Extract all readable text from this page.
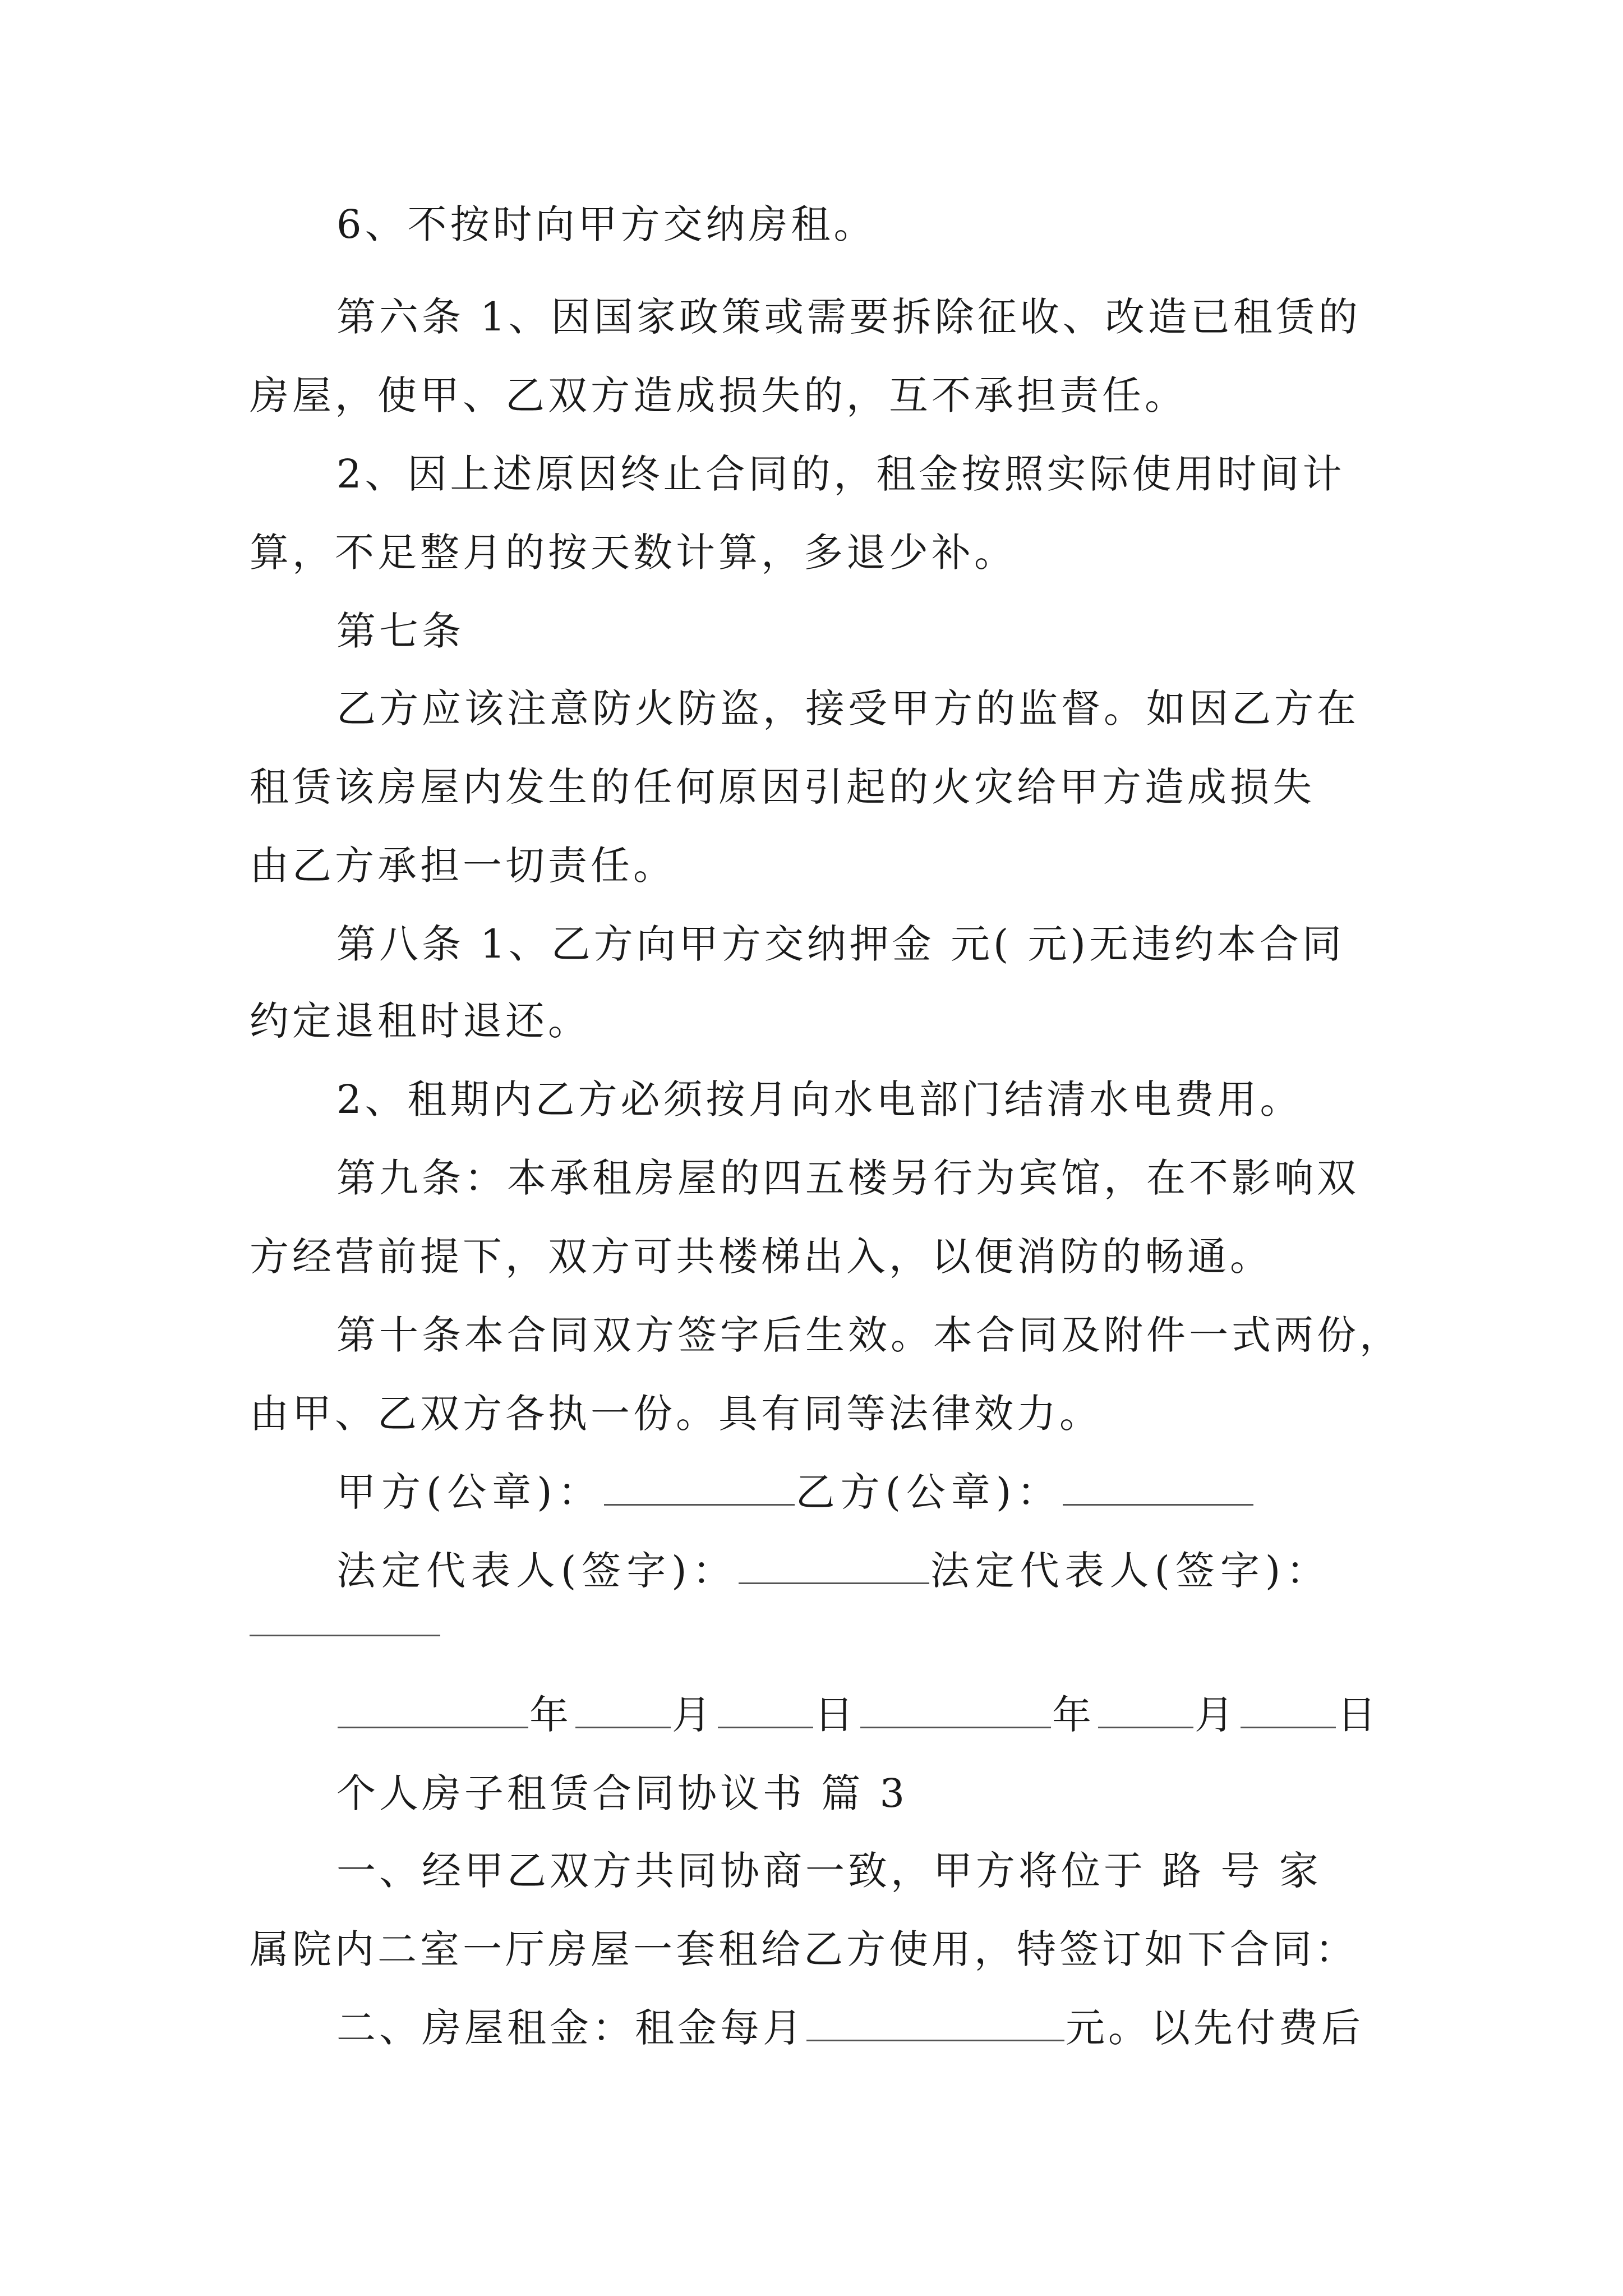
6、不按时向甲方交纳房租。
第六条 1、因国家政策或需要拆除征收、改造已租赁的
房屋，使甲、乙双方造成损失的，互不承担责任。
2、因上述原因终止合同的，租金按照实际使用时间计
算，不足整月的按天数计算，多退少补。
第七条
乙方应该注意防火防盗，接受甲方的监督。如因乙方在
租赁该房屋内发生的任何原因引起的火灾给甲方造成损失
由乙方承担一切责任。
第八条 1、乙方向甲方交纳押金 元( 元)无违约本合同
约定退租时退还。
2、租期内乙方必须按月向水电部门结清水电费用。
第九条：本承租房屋的四五楼另行为宾馆，在不影响双
方经营前提下，双方可共楼梯出入，以便消防的畅通。
第十条本合同双方签字后生效。本合同及附件一式两份，
由甲、乙双方各执一份。具有同等法律效力。
甲方(公章)：	乙方(公章)：
法定代表人(签字)：	法定代表人(签字)：
年 月 日	年 月 日
个人房子租赁合同协议书 篇 3
一、经甲乙双方共同协商一致，甲方将位于 路 号 家
属院内二室一厅房屋一套租给乙方使用，特签订如下合同：
二、房屋租金：租金每月	元。以先付费后
